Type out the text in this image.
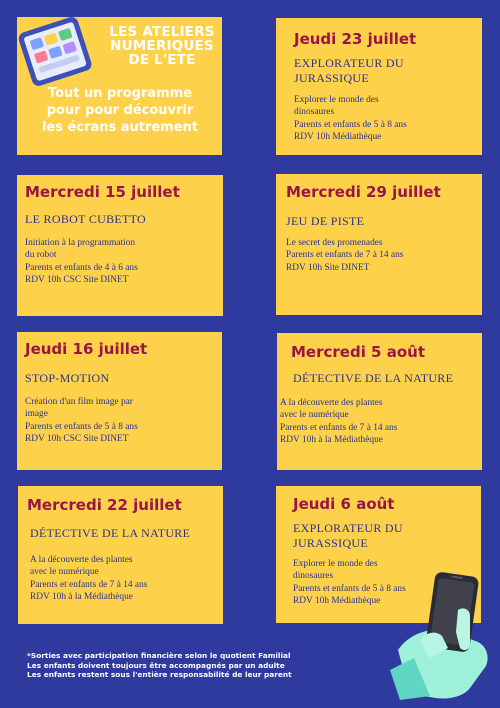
LES ATELIERS
NUMERIQUES
DE L'ETE
Tout un programme
pour pour découvrir
les écrans autrement
Jeudi 23 juillet
EXPLORATEUR DU
JURASSIQUE
Explorer le monde des
dinosaures
Parents et enfants de 5 à 8 ans
RDV 10h Médiathèque
Mercredi 15 juillet
LE ROBOT CUBETTO
Initiation à la programmation
du robot
Parents et enfants de 4 à 6 ans
RDV 10h CSC Site DINET
Mercredi 29 juillet
JEU DE PISTE
Le secret des promenades
Parents et enfants de 7 à 14 ans
RDV 10h Site DINET
Jeudi 16 juillet
STOP-MOTION
Création d'un film image par
image
Parents et enfants de 5 à 8 ans
RDV 10h CSC Site DINET
Mercredi 5 août
DÉTECTIVE DE LA NATURE
A la découverte des plantes
avec le numérique
Parents et enfants de 7 à 14 ans
RDV 10h à la Médiathèque
Mercredi 22 juillet
DÉTECTIVE DE LA NATURE
A la découverte des plantes
avec le numérique
Parents et enfants de 7 à 14 ans
RDV 10h à la Médiathèque
Jeudi 6 août
EXPLORATEUR DU
JURASSIQUE
Explorer le monde des
dinosaures
Parents et enfants de 5 à 8 ans
RDV 10h Médiathèque
*Sorties avec participation financière selon le quotient Familial
Les enfants doivent toujours être accompagnés par un adulte
Les enfants restent sous l'entière responsabilité de leur parent
